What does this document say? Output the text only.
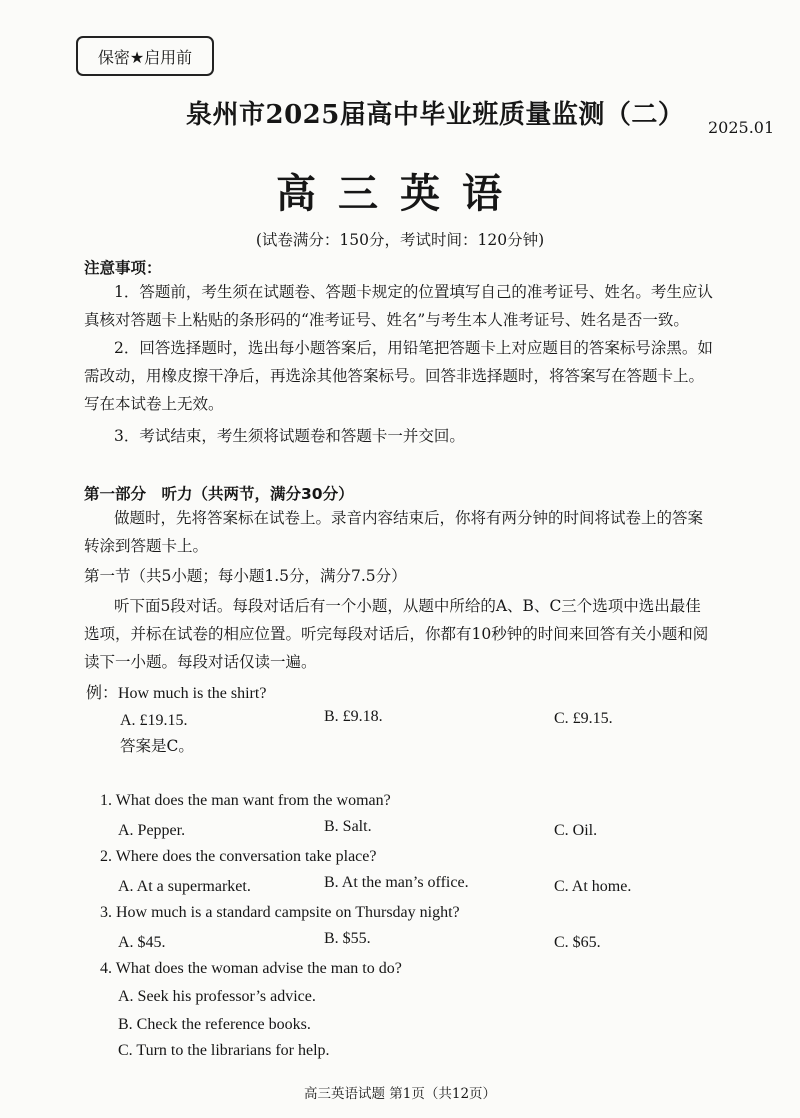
保密★启用前
泉州市2025届高中毕业班质量监测（二） 2025.01
高三英语
(试卷满分：150分，考试时间：120分钟)
注意事项：
1．答题前，考生须在试题卷、答题卡规定的位置填写自己的准考证号、姓名。考生应认
真核对答题卡上粘贴的条形码的“准考证号、姓名”与考生本人准考证号、姓名是否一致。
2．回答选择题时，选出每小题答案后，用铅笔把答题卡上对应题目的答案标号涂黑。如
需改动，用橡皮擦干净后，再选涂其他答案标号。回答非选择题时，将答案写在答题卡上。
写在本试卷上无效。
3．考试结束，考生须将试题卷和答题卡一并交回。
第一部分　听力（共两节，满分30分）
做题时，先将答案标在试卷上。录音内容结束后，你将有两分钟的时间将试卷上的答案
转涂到答题卡上。
第一节（共5小题；每小题1.5分，满分7.5分）
听下面5段对话。每段对话后有一个小题，从题中所给的A、B、C三个选项中选出最佳
选项，并标在试卷的相应位置。听完每段对话后，你都有10秒钟的时间来回答有关小题和阅
读下一小题。每段对话仅读一遍。
例：How much is the shirt?
A. £19.15.	B. £9.18.	C. £9.15.
答案是C。
1. What does the man want from the woman?
A. Pepper.	B. Salt.	C. Oil.
2. Where does the conversation take place?
A. At a supermarket.	B. At the man’s office.	C. At home.
3. How much is a standard campsite on Thursday night?
A. $45.	B. $55.	C. $65.
4. What does the woman advise the man to do?
A. Seek his professor’s advice.
B. Check the reference books.
C. Turn to the librarians for help.
高三英语试题 第1页（共12页）
